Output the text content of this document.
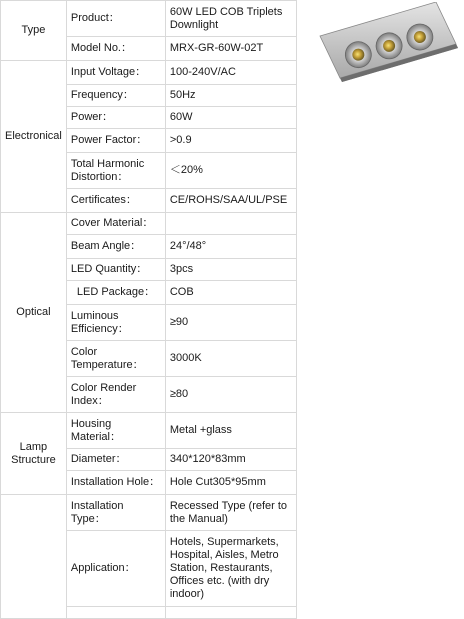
Type	Product：	60W LED COB Triplets Downlight
	Model No.：	MRX-GR-60W-02T
Electronical	Input Voltage：	100-240V/AC
	Frequency：	50Hz
	Power：	60W
	Power Factor：	>0.9
	Total Harmonic Distortion：	＜20%
	Certificates：	CE/ROHS/SAA/UL/PSE
Optical	Cover Material：	
	Beam Angle：	24°/48°
	LED Quantity：	3pcs
	LED Package：	COB
	Luminous Efficiency：	≥90
	Color Temperature：	3000K
	Color Render Index：	≥80
Lamp Structure	Housing Material：	Metal +glass
	Diameter：	340*120*83mm
	Installation Hole：	Hole Cut305*95mm
	Installation Type：	Recessed Type (refer to the Manual)
	Application：	Hotels, Supermarkets, Hospital, Aisles, Metro Station, Restaurants, Offices etc. (with dry indoor)
